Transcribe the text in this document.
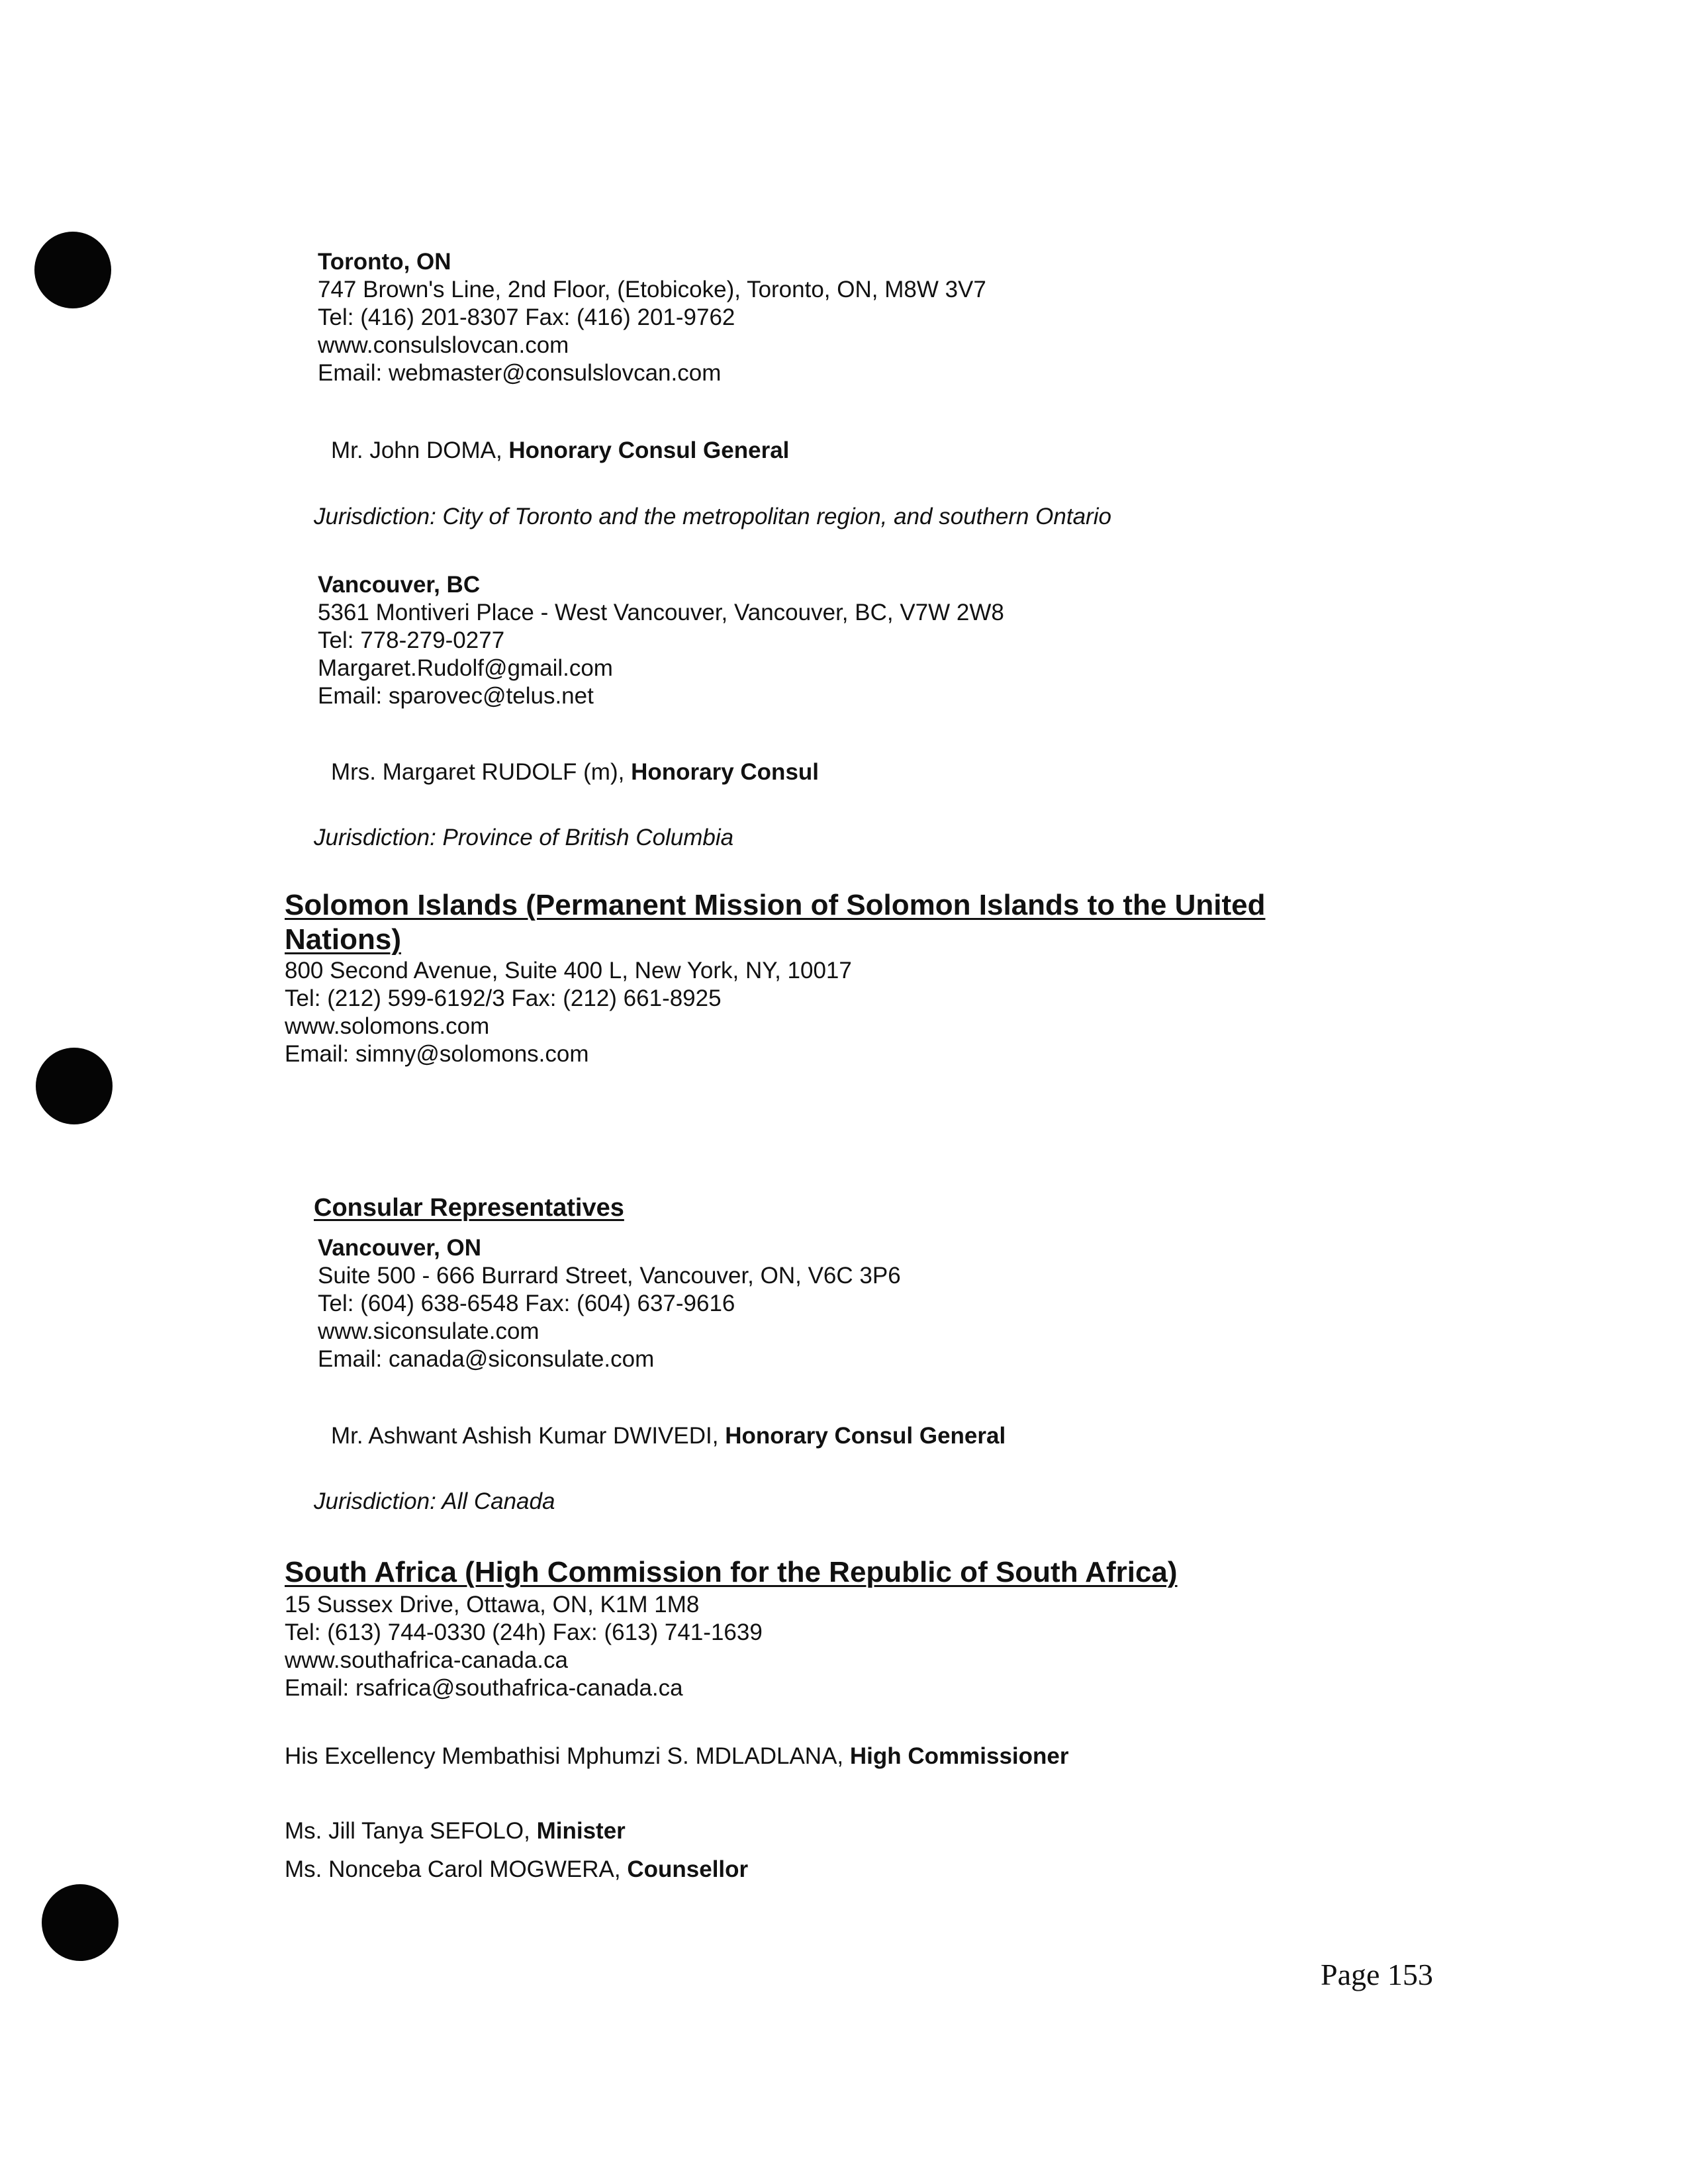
Toronto, ON
747 Brown's Line, 2nd Floor, (Etobicoke), Toronto, ON, M8W 3V7
Tel: (416) 201-8307 Fax: (416) 201-9762
www.consulslovcan.com
Email: webmaster@consulslovcan.com
Mr. John DOMA, Honorary Consul General
Jurisdiction: City of Toronto and the metropolitan region, and southern Ontario
Vancouver, BC
5361 Montiveri Place - West Vancouver, Vancouver, BC, V7W 2W8
Tel: 778-279-0277
Margaret.Rudolf@gmail.com
Email: sparovec@telus.net
Mrs. Margaret RUDOLF (m), Honorary Consul
Jurisdiction: Province of British Columbia
Solomon Islands (Permanent Mission of Solomon Islands to the United Nations)
800 Second Avenue, Suite 400 L, New York, NY, 10017
Tel: (212) 599-6192/3 Fax: (212) 661-8925
www.solomons.com
Email: simny@solomons.com
Consular Representatives
Vancouver, ON
Suite 500 - 666 Burrard Street, Vancouver, ON, V6C 3P6
Tel: (604) 638-6548 Fax: (604) 637-9616
www.siconsulate.com
Email: canada@siconsulate.com
Mr. Ashwant Ashish Kumar DWIVEDI, Honorary Consul General
Jurisdiction: All Canada
South Africa (High Commission for the Republic of South Africa)
15 Sussex Drive, Ottawa, ON, K1M 1M8
Tel: (613) 744-0330 (24h) Fax: (613) 741-1639
www.southafrica-canada.ca
Email: rsafrica@southafrica-canada.ca
His Excellency Membathisi Mphumzi S. MDLADLANA, High Commissioner
Ms. Jill Tanya SEFOLO, Minister
Ms. Nonceba Carol MOGWERA, Counsellor
Page 153
